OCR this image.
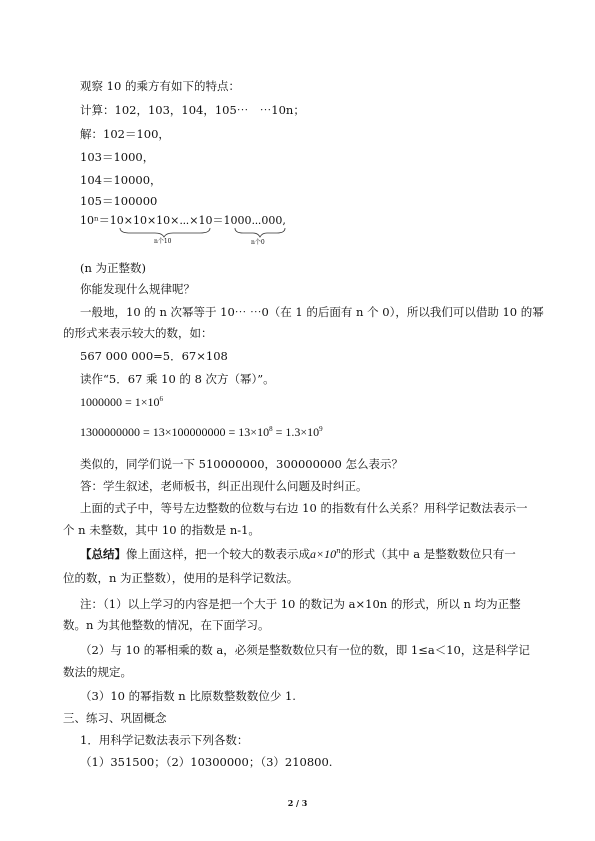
观察 10 的乘方有如下的特点：
计算：102，103，104，105⋯　⋯10n；
解：102＝100，
103＝1000，
104＝10000，
105＝100000
10ⁿ＝10×10×10×⋯×10＝1000⋯000,
n个10	n个0
(n 为正整数)
你能发现什么规律呢？
一般地，10 的 n 次幂等于 10⋯ ⋯0（在 1 的后面有 n 个 0），所以我们可以借助 10 的幂
的形式来表示较大的数，如：
567 000 000=5．67×108
读作“5．67 乘 10 的 8 次方（幂）”。
$1000000 = 1\times 10^6$
$1300000000 = 13\times 100000000 = 13\times 10^8 = 1.3\times 10^9$
类似的，同学们说一下 510000000，300000000 怎么表示？
答：学生叙述，老师板书，纠正出现什么问题及时纠正。
上面的式子中，等号左边整数的位数与右边 10 的指数有什么关系？用科学记数法表示一
个 n 未整数，其中 10 的指数是 n-1。
【总结】像上面这样，把一个较大的数表示成$a\times 10^n$的形式（其中 a 是整数数位只有一
位的数，n 为正整数），使用的是科学记数法。
注：（1）以上学习的内容是把一个大于 10 的数记为 a×10n 的形式，所以 n 均为正整
数。n 为其他整数的情况，在下面学习。
（2）与 10 的幂相乘的数 a，必须是整数数位只有一位的数，即 1≤a＜10，这是科学记
数法的规定。
（3）10 的幂指数 n 比原数整数数位少 1.
三、练习、巩固概念
1．用科学记数法表示下列各数：
（1）351500；（2）10300000；（3）210800.
2 / 3
